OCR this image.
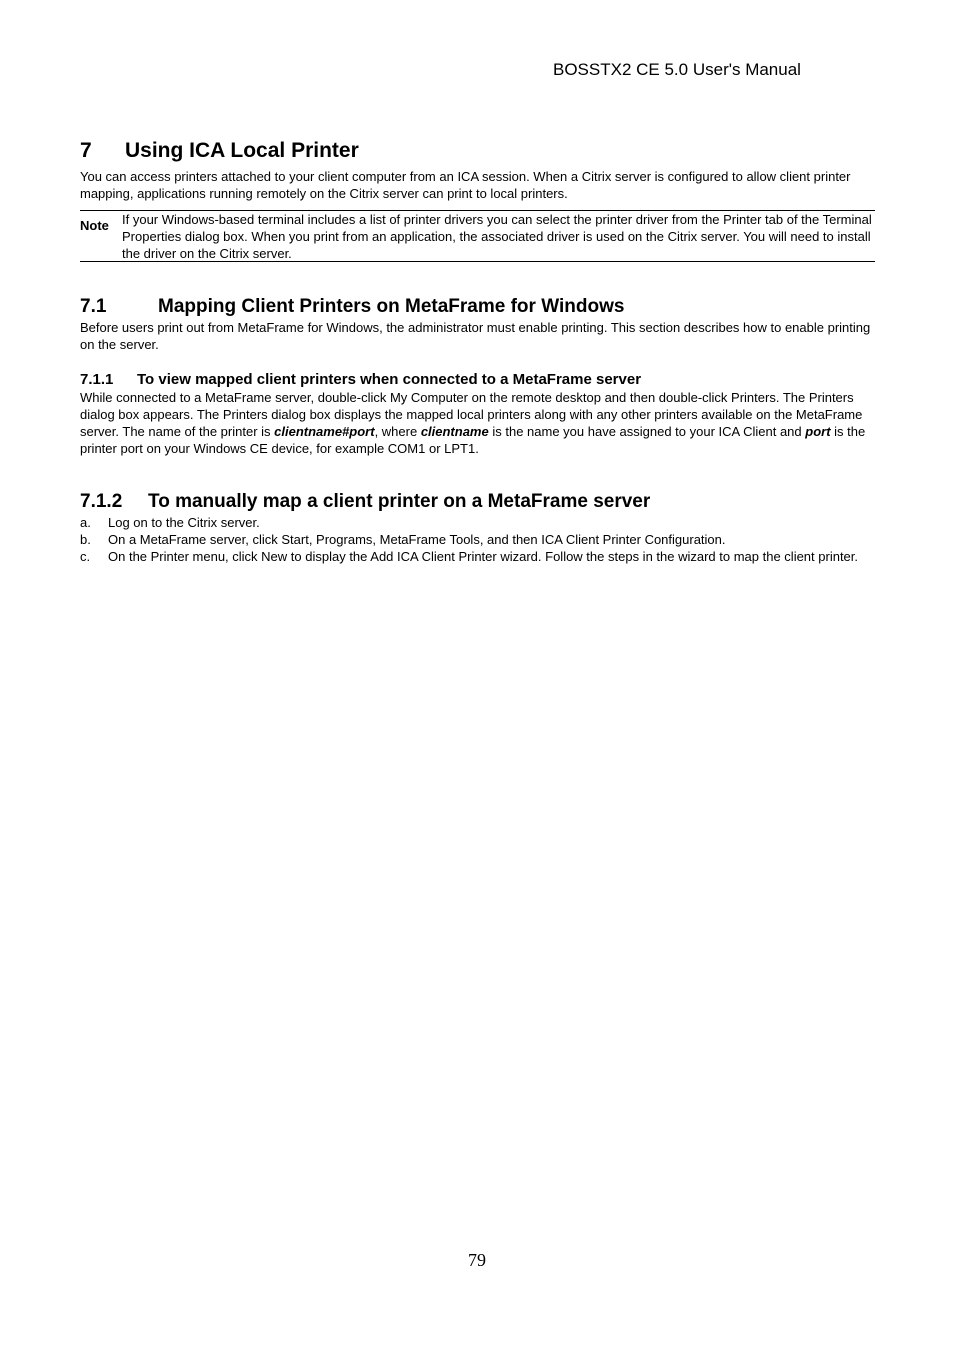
BOSSTX2 CE 5.0 User's Manual
7 Using ICA Local Printer
You can access printers attached to your client computer from an ICA session. When a Citrix server is configured to allow client printer mapping, applications running remotely on the Citrix server can print to local printers.
Note If your Windows-based terminal includes a list of printer drivers you can select the printer driver from the Printer tab of the Terminal Properties dialog box. When you print from an application, the associated driver is used on the Citrix server. You will need to install the driver on the Citrix server.
7.1	Mapping Client Printers on MetaFrame for Windows
Before users print out from MetaFrame for Windows, the administrator must enable printing. This section describes how to enable printing on the server.
7.1.1 To view mapped client printers when connected to a MetaFrame server
While connected to a MetaFrame server, double-click My Computer on the remote desktop and then double-click Printers. The Printers dialog box appears. The Printers dialog box displays the mapped local printers along with any other printers available on the MetaFrame server. The name of the printer is clientname#port, where clientname is the name you have assigned to your ICA Client and port is the printer port on your Windows CE device, for example COM1 or LPT1.
7.1.2 To manually map a client printer on a MetaFrame server
a. Log on to the Citrix server.
b. On a MetaFrame server, click Start, Programs, MetaFrame Tools, and then ICA Client Printer Configuration.
c. On the Printer menu, click New to display the Add ICA Client Printer wizard. Follow the steps in the wizard to map the client printer.
79
